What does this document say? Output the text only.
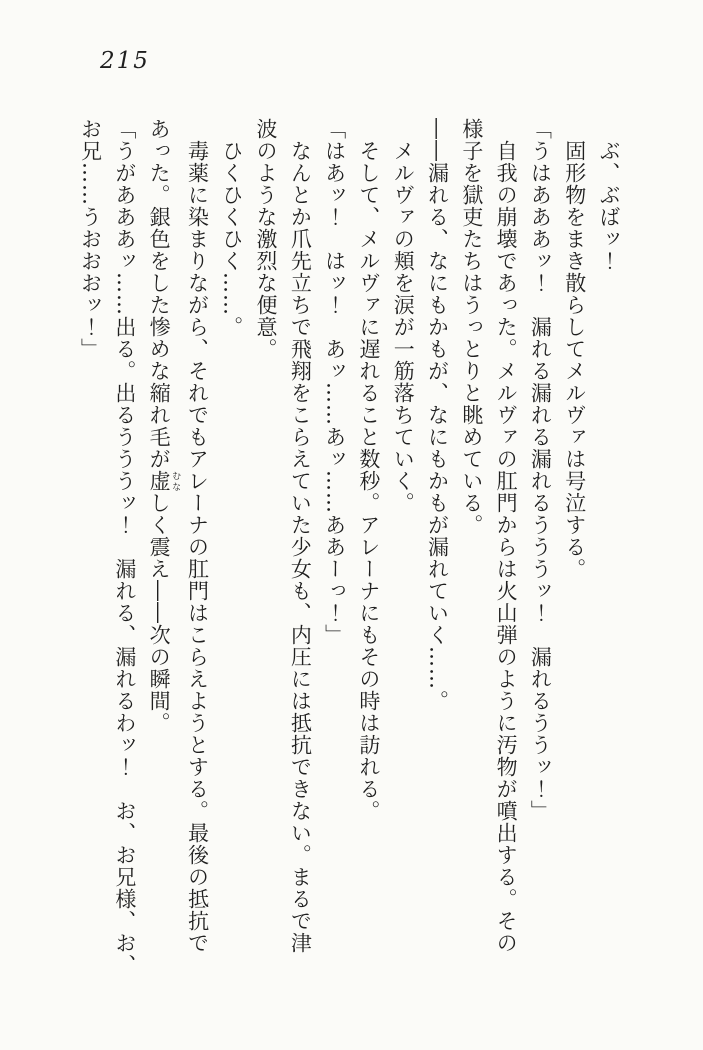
215

ぶ、ぶばッ！

固形物をまき散らしてメルヴァは号泣する。

「うはあああッ！　漏れる漏れる漏れるうううッ！　漏れるううッ！」

自我の崩壊であった。メルヴァの肛門からは火山弾のように汚物が噴出する。その

様子を獄吏たちはうっとりと眺めている。

――漏れる、なにもかもが、なにもかもが漏れていく……。

メルヴァの頬を涙が一筋落ちていく。

そして、メルヴァに遅れること数秒。アレーナにもその時は訪れる。

「はあッ！　はッ！　あッ……あッ……ああーっ！」

なんとか爪先立ちで飛翔をこらえていた少女も、内圧には抵抗できない。まるで津

波のような激烈な便意。

ひくひくひく……。

毒薬に染まりながら、それでもアレーナの肛門はこらえようとする。最後の抵抗で

あった。銀色をした惨めな縮れ毛が虚 むなしく震え――次の瞬間。

「うがあああッ……出る。出るうううッ！　漏れる、漏れるわッ！　お、お兄様、お、

お兄……うおおおッ！」
